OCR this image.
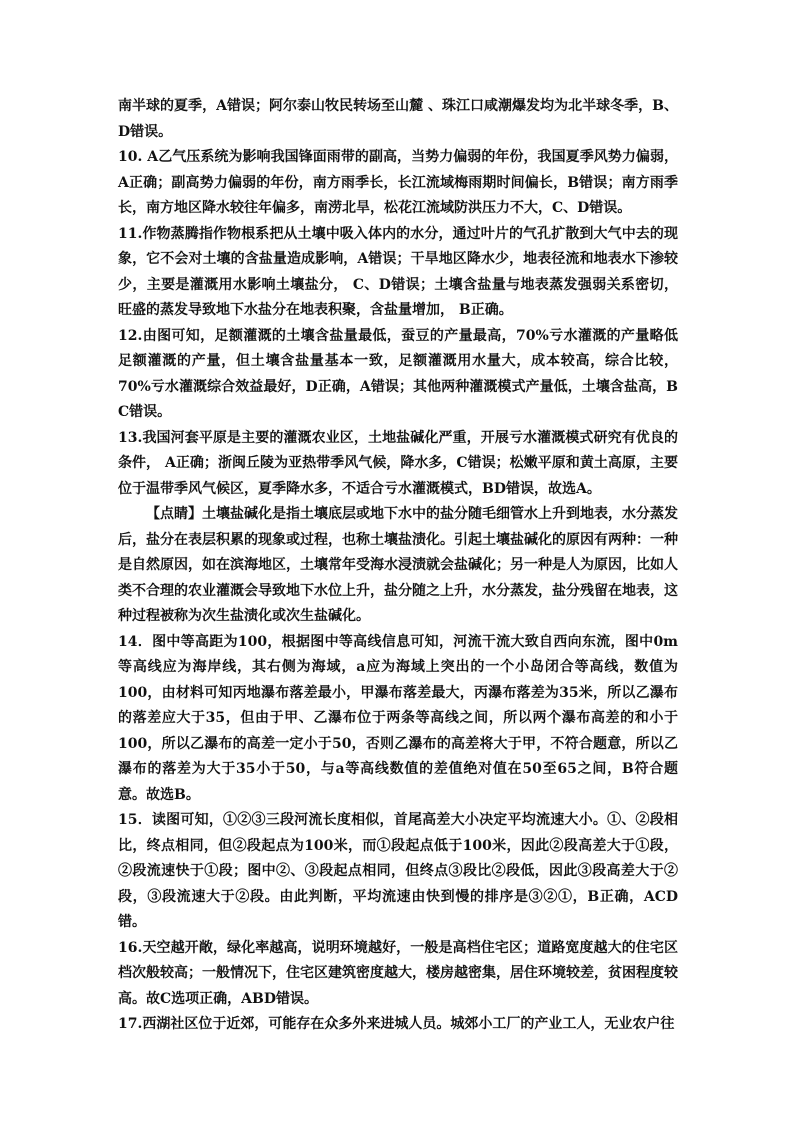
南半球的夏季，A错误；阿尔泰山牧民转场至山麓 、珠江口咸潮爆发均为北半球冬季，B、D错误。

10. A乙气压系统为影响我国锋面雨带的副高，当势力偏弱的年份，我国夏季风势力偏弱，A正确；副高势力偏弱的年份，南方雨季长，长江流域梅雨期时间偏长，B错误；南方雨季长，南方地区降水较往年偏多，南涝北旱，松花江流域防洪压力不大，C、D错误。

11.作物蒸腾指作物根系把从土壤中吸入体内的水分，通过叶片的气孔扩散到大气中去的现象，它不会对土壤的含盐量造成影响，A错误；干旱地区降水少，地表径流和地表水下渗较少，主要是灌溉用水影响土壤盐分， C、D错误；土壤含盐量与地表蒸发强弱关系密切，旺盛的蒸发导致地下水盐分在地表积聚，含盐量增加， B正确。

12.由图可知，足额灌溉的土壤含盐量最低，蚕豆的产量最高，70%亏水灌溉的产量略低足额灌溉的产量，但土壤含盐量基本一致，足额灌溉用水量大，成本较高，综合比较，70%亏水灌溉综合效益最好，D正确，A错误；其他两种灌溉模式产量低，土壤含盐高，B C错误。

13.我国河套平原是主要的灌溉农业区，土地盐碱化严重，开展亏水灌溉模式研究有优良的条件， A正确；浙闽丘陵为亚热带季风气候，降水多，C错误；松嫩平原和黄土高原，主要位于温带季风气候区，夏季降水多，不适合亏水灌溉模式，BD错误，故选A。

【点睛】土壤盐碱化是指土壤底层或地下水中的盐分随毛细管水上升到地表，水分蒸发后，盐分在表层积累的现象或过程，也称土壤盐渍化。引起土壤盐碱化的原因有两种：一种是自然原因，如在滨海地区，土壤常年受海水浸渍就会盐碱化；另一种是人为原因，比如人类不合理的农业灌溉会导致地下水位上升，盐分随之上升，水分蒸发，盐分残留在地表，这种过程被称为次生盐渍化或次生盐碱化。

14．图中等高距为100，根据图中等高线信息可知，河流干流大致自西向东流，图中0m等高线应为海岸线，其右侧为海域，a应为海域上突出的一个小岛闭合等高线，数值为100，由材料可知丙地瀑布落差最小，甲瀑布落差最大，丙瀑布落差为35米，所以乙瀑布的落差应大于35，但由于甲、乙瀑布位于两条等高线之间，所以两个瀑布高差的和小于100，所以乙瀑布的高差一定小于50，否则乙瀑布的高差将大于甲，不符合题意，所以乙瀑布的落差为大于35小于50，与a等高线数值的差值绝对值在50至65之间，B符合题意。故选B。

15．读图可知，①②③三段河流长度相似，首尾高差大小决定平均流速大小。①、②段相比，终点相同，但②段起点为100米，而①段起点低于100米，因此②段高差大于①段，②段流速快于①段；图中②、③段起点相同，但终点③段比②段低，因此③段高差大于②段，③段流速大于②段。由此判断，平均流速由快到慢的排序是③②①，B正确，ACD错。

16.天空越开敞，绿化率越高，说明环境越好，一般是高档住宅区；道路宽度越大的住宅区档次般较高；一般情况下，住宅区建筑密度越大，楼房越密集，居住环境较差，贫困程度较高。故C选项正确，ABD错误。

17.西湖社区位于近郊，可能存在众多外来进城人员。城郊小工厂的产业工人，无业农户往
